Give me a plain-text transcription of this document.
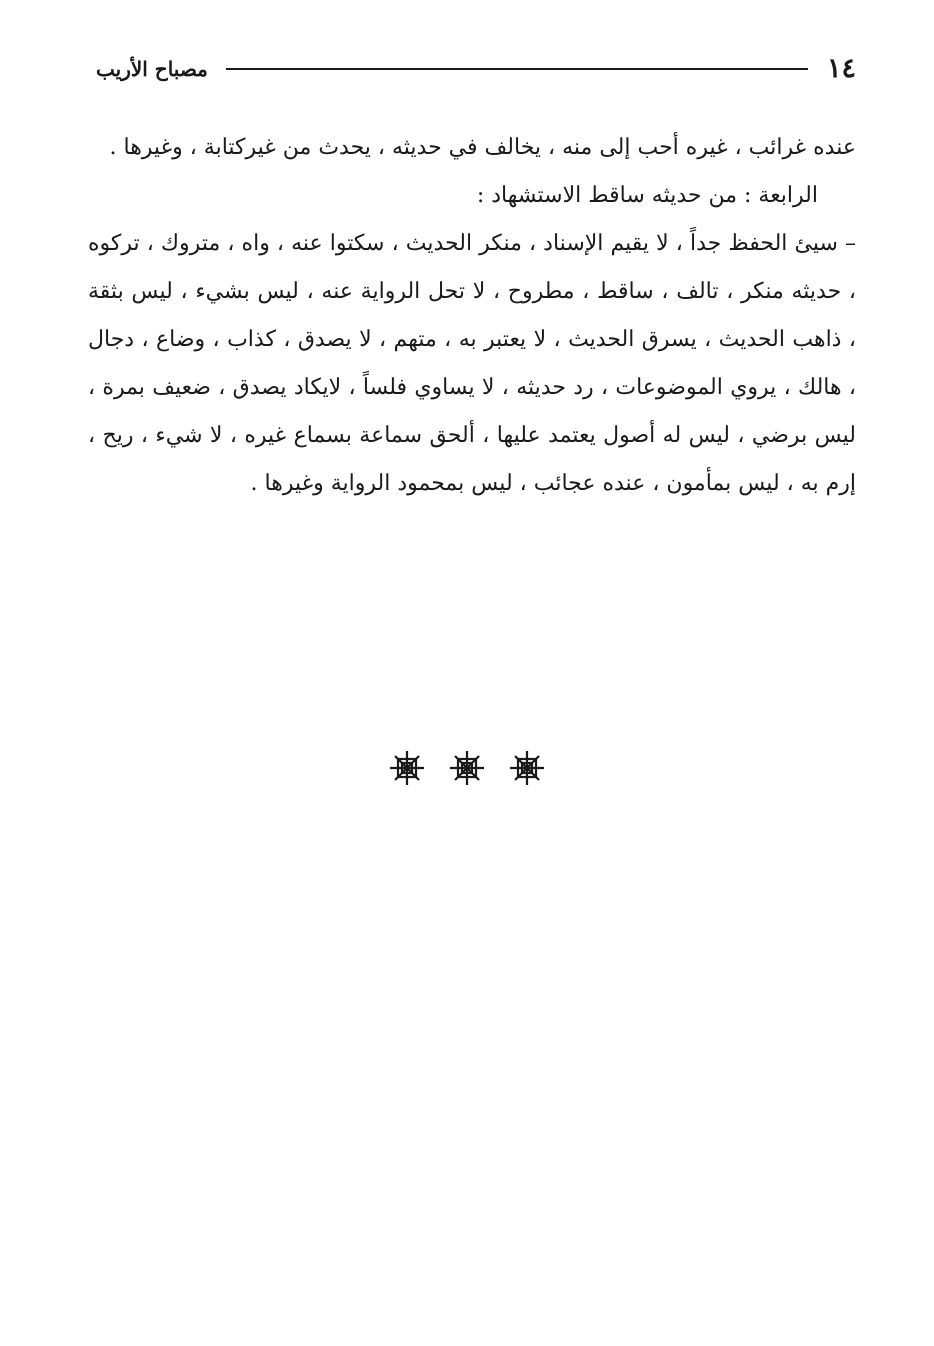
١٤
مصباح الأريب

عنده غرائب ، غيره أحب إلى منه ، يخالف في حديثه ، يحدث من غيركتابة ، وغيرها .

الرابعة : من حديثه ساقط الاستشهاد :

– سيئ الحفظ جداً ، لا يقيم الإسناد ، منكر الحديث ، سكتوا عنه ، واه ، متروك ، تركوه ، حديثه منكر ، تالف ، ساقط ، مطروح ، لا تحل الرواية عنه ، ليس بشيء ، ليس بثقة ، ذاهب الحديث ، يسرق الحديث ، لا يعتبر به ، متهم ، لا يصدق ، كذاب ، وضاع ، دجال ، هالك ، يروي الموضوعات ، رد حديثه ، لا يساوي فلساً ، لايكاد يصدق ، ضعيف بمرة ، ليس برضي ، ليس له أصول يعتمد عليها ، ألحق سماعة بسماع غيره ، لا شيء ، ريح ، إرم به ، ليس بمأمون ، عنده عجائب ، ليس بمحمود الرواية وغيرها .
